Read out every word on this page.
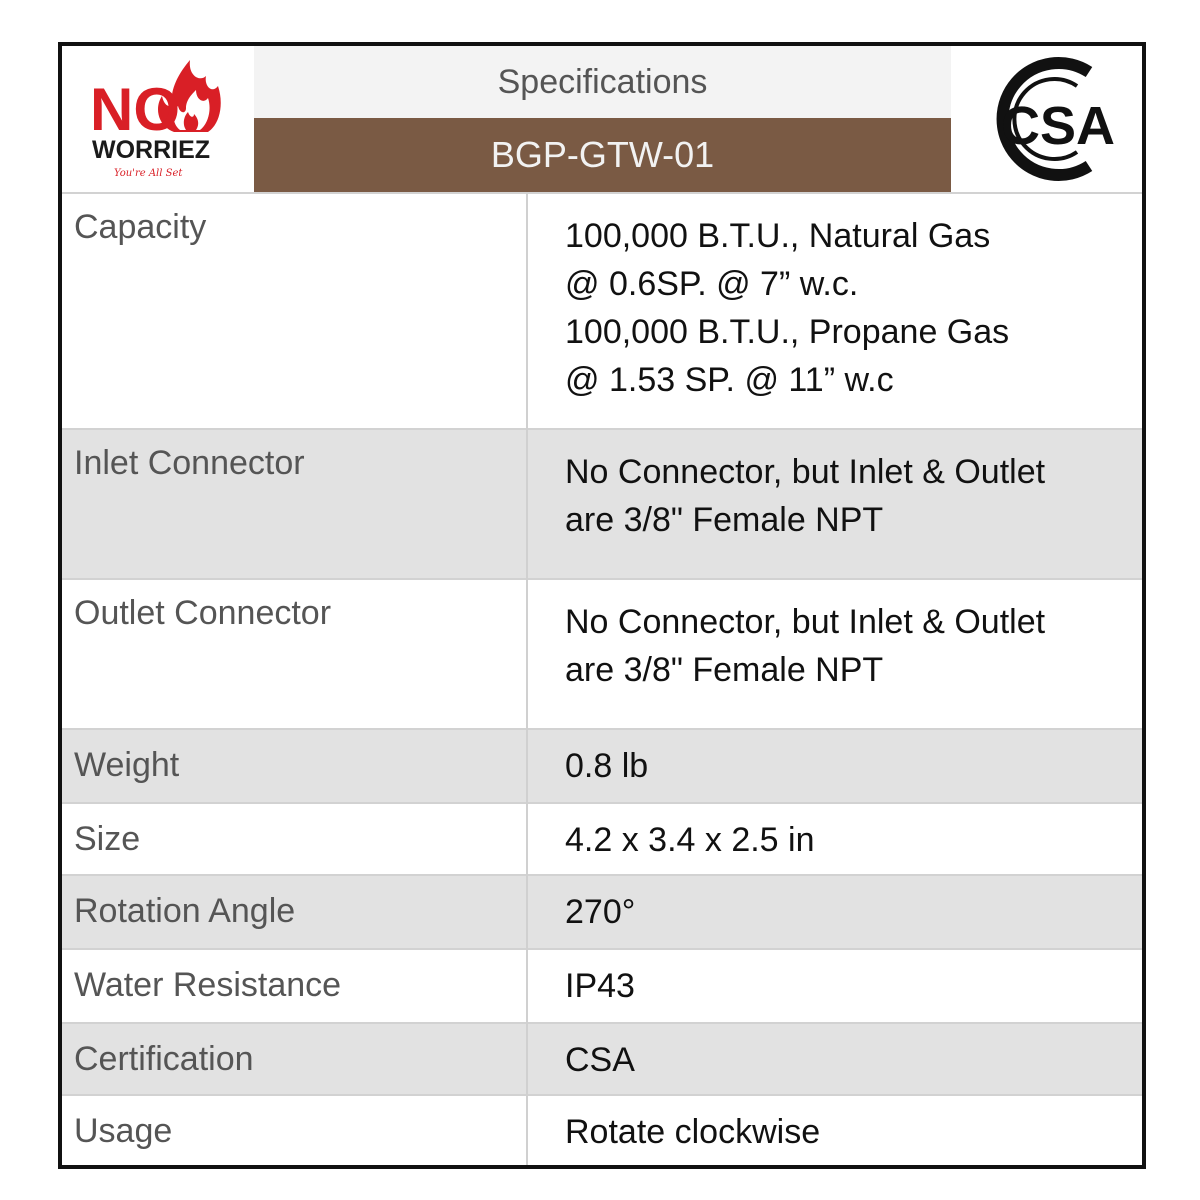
NO
WORRIEZ
You're All Set
Specifications
BGP-GTW-01	CSA
Capacity	100,000 B.T.U., Natural Gas
@ 0.6SP. @ 7” w.c.
100,000 B.T.U., Propane Gas
@ 1.53 SP. @ 11” w.c
Inlet Connector	No Connector, but Inlet & Outlet
are 3/8" Female NPT
Outlet Connector	No Connector, but Inlet & Outlet
are 3/8" Female NPT
Weight	0.8 lb
Size	4.2 x 3.4 x 2.5 in
Rotation Angle	270°
Water Resistance	IP43
Certification	CSA
Usage	Rotate clockwise
